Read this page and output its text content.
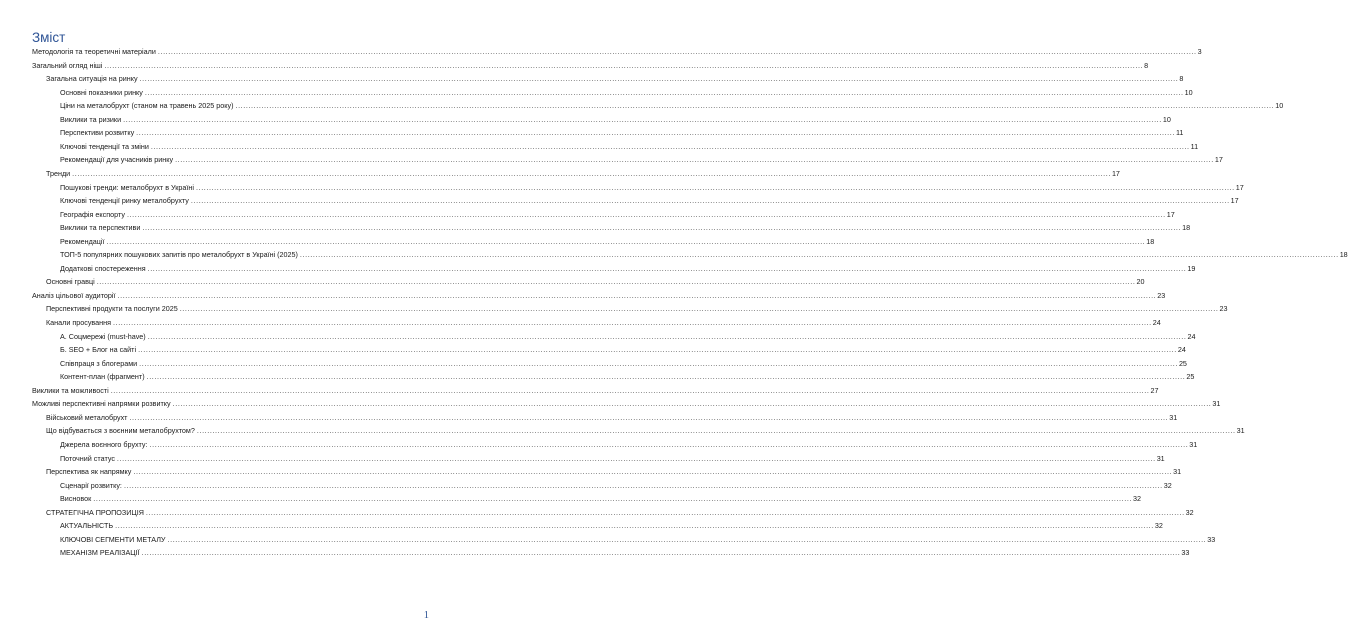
Зміст
Методологія та теоретичні матеріали ................................................................................................................................................................................................................................................................................................................................................................................................................ 3
Загальний огляд ніші ................................................................................................................................................................................................................................................................................................................................................................................................................ 8
Загальна ситуація на ринку ................................................................................................................................................................................................................................................................................................................................................................................................................ 8
Основні показники ринку ................................................................................................................................................................................................................................................................................................................................................................................................................ 10
Ціни на металобрухт (станом на травень 2025 року) ................................................................................................................................................................................................................................................................................................................................................................................................................ 10
Виклики та ризики ................................................................................................................................................................................................................................................................................................................................................................................................................ 10
Перспективи розвитку ................................................................................................................................................................................................................................................................................................................................................................................................................ 11
Ключові тенденції та зміни ................................................................................................................................................................................................................................................................................................................................................................................................................ 11
Рекомендації для учасників ринку ................................................................................................................................................................................................................................................................................................................................................................................................................ 17
Тренди ................................................................................................................................................................................................................................................................................................................................................................................................................ 17
Пошукові тренди: металобрухт в Україні ................................................................................................................................................................................................................................................................................................................................................................................................................ 17
Ключові тенденції ринку металобрухту ................................................................................................................................................................................................................................................................................................................................................................................................................ 17
Географія експорту ................................................................................................................................................................................................................................................................................................................................................................................................................ 17
Виклики та перспективи ................................................................................................................................................................................................................................................................................................................................................................................................................ 18
Рекомендації ................................................................................................................................................................................................................................................................................................................................................................................................................ 18
ТОП-5 популярних пошукових запитів про металобрухт в Україні (2025) ................................................................................................................................................................................................................................................................................................................................................................................................................ 18
Додаткові спостереження ................................................................................................................................................................................................................................................................................................................................................................................................................ 19
Основні гравці ................................................................................................................................................................................................................................................................................................................................................................................................................ 20
Аналіз цільової аудиторії ................................................................................................................................................................................................................................................................................................................................................................................................................ 23
Перспективні продукти та послуги 2025 ................................................................................................................................................................................................................................................................................................................................................................................................................ 23
Канали просування ................................................................................................................................................................................................................................................................................................................................................................................................................ 24
А. Соцмережі (must-have) ................................................................................................................................................................................................................................................................................................................................................................................................................ 24
Б. SEO + Блог на сайті ................................................................................................................................................................................................................................................................................................................................................................................................................ 24
Співпраця з блогерами ................................................................................................................................................................................................................................................................................................................................................................................................................ 25
Контент-план (фрагмент) ................................................................................................................................................................................................................................................................................................................................................................................................................ 25
Виклики та можливості ................................................................................................................................................................................................................................................................................................................................................................................................................ 27
Можливі перспективні напрямки розвитку ................................................................................................................................................................................................................................................................................................................................................................................................................ 31
Військовий металобрухт ................................................................................................................................................................................................................................................................................................................................................................................................................ 31
Що відбувається з воєнним металобрухтом? ................................................................................................................................................................................................................................................................................................................................................................................................................ 31
Джерела воєнного брухту: ................................................................................................................................................................................................................................................................................................................................................................................................................ 31
Поточний статус ................................................................................................................................................................................................................................................................................................................................................................................................................ 31
Перспектива як напрямку ................................................................................................................................................................................................................................................................................................................................................................................................................ 31
Сценарії розвитку: ................................................................................................................................................................................................................................................................................................................................................................................................................ 32
Висновок ................................................................................................................................................................................................................................................................................................................................................................................................................ 32
СТРАТЕГІЧНА ПРОПОЗИЦІЯ ................................................................................................................................................................................................................................................................................................................................................................................................................ 32
АКТУАЛЬНІСТЬ ................................................................................................................................................................................................................................................................................................................................................................................................................ 32
КЛЮЧОВІ СЕГМЕНТИ МЕТАЛУ ................................................................................................................................................................................................................................................................................................................................................................................................................ 33
МЕХАНІЗМ РЕАЛІЗАЦІЇ ................................................................................................................................................................................................................................................................................................................................................................................................................ 33
1
